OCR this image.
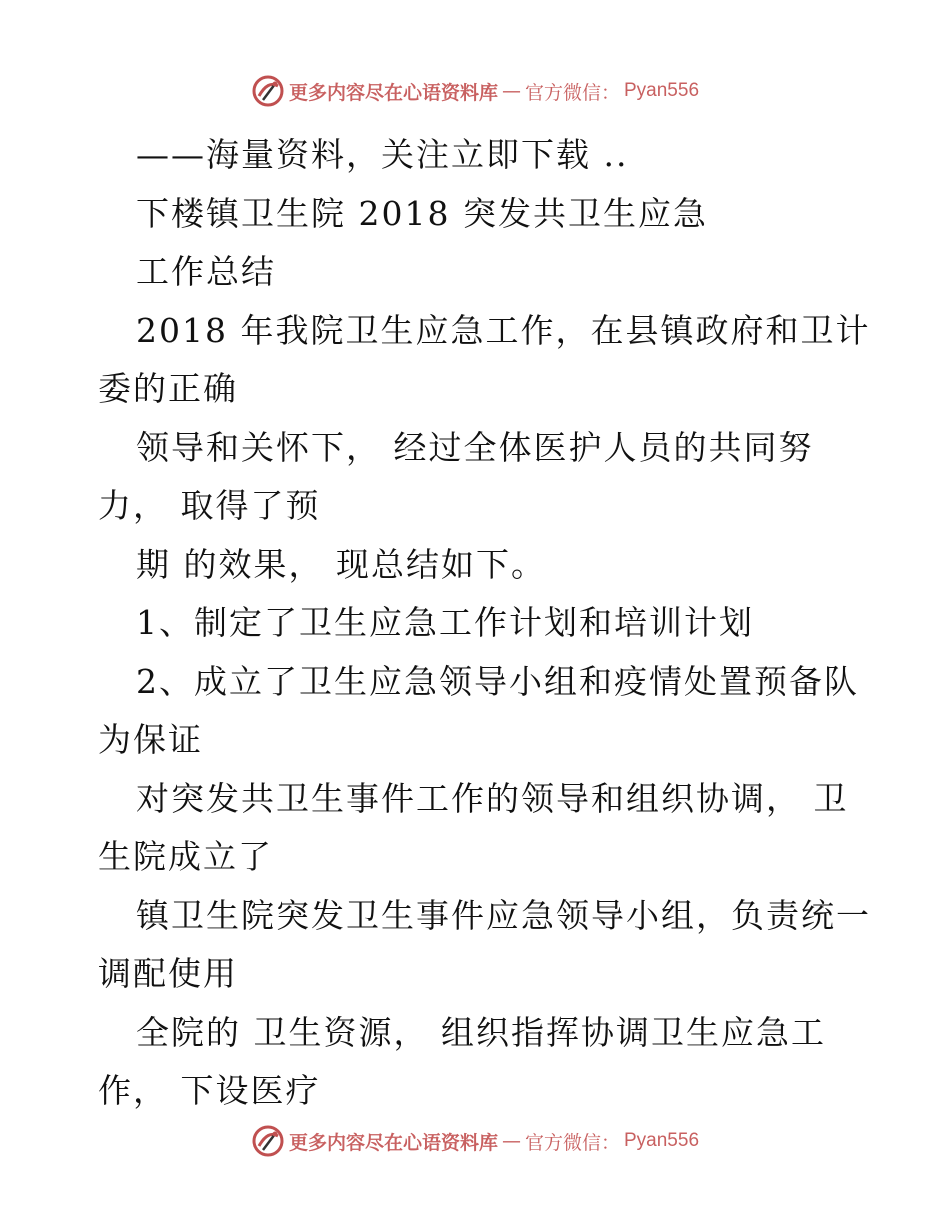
更多内容尽在心语资料库 — 官方微信： Pyan556
——海量资料，关注立即下载 ..
下楼镇卫生院 2018 突发共卫生应急
工作总结
2018 年我院卫生应急工作，在县镇政府和卫计
委的正确
领导和关怀下， 经过全体医护人员的共同努
力， 取得了预
期 的效果， 现总结如下。
1、制定了卫生应急工作计划和培训计划
2、成立了卫生应急领导小组和疫情处置预备队
为保证
对突发共卫生事件工作的领导和组织协调， 卫
生院成立了
镇卫生院突发卫生事件应急领导小组，负责统一
调配使用
全院的 卫生资源， 组织指挥协调卫生应急工
作， 下设医疗
更多内容尽在心语资料库 — 官方微信： Pyan556
